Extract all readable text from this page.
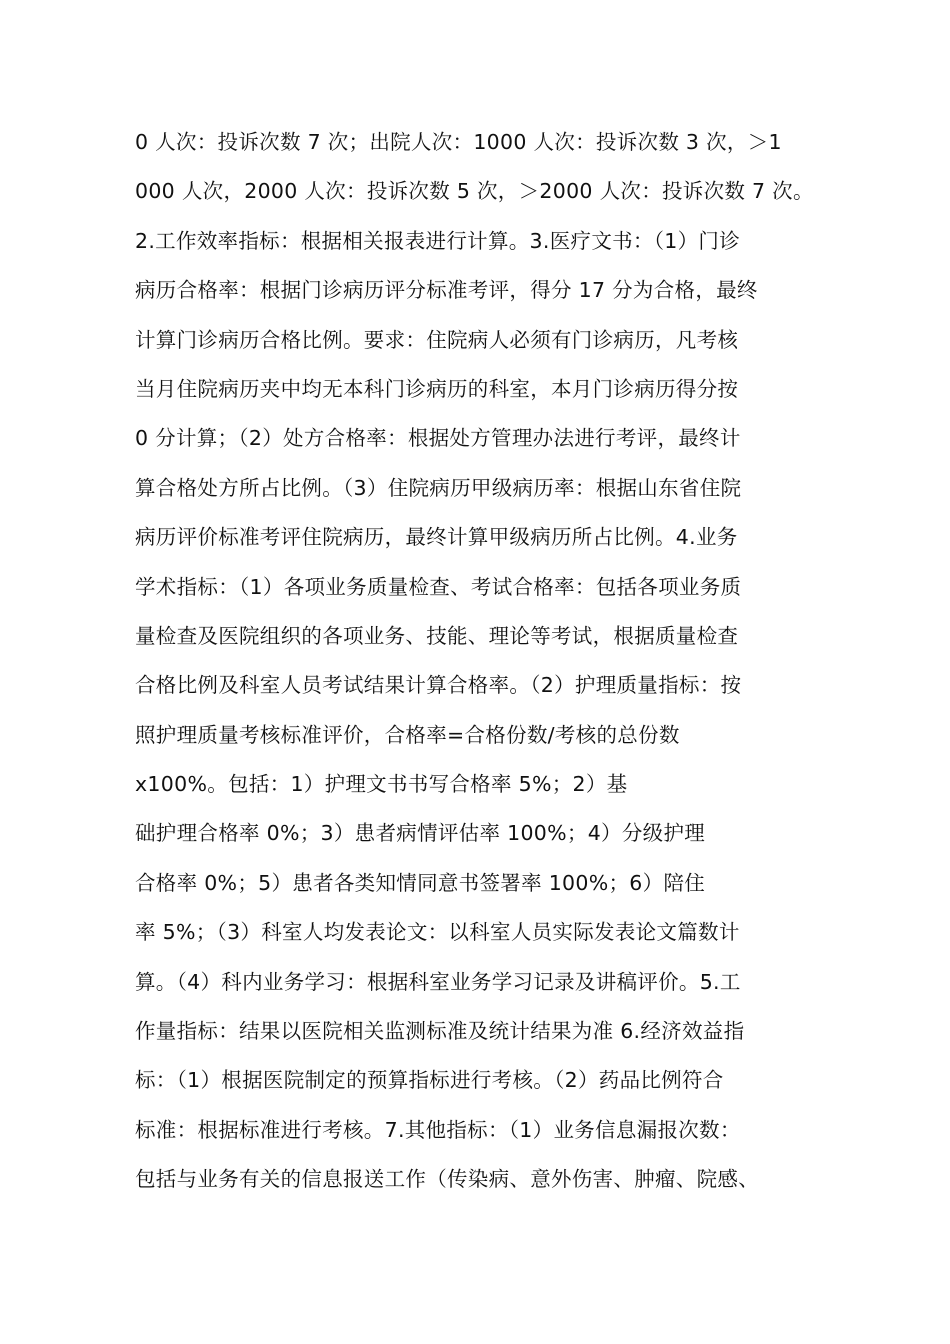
0 人次：投诉次数 7 次；出院人次：1000 人次：投诉次数 3 次，＞1
000 人次，2000 人次：投诉次数 5 次，＞2000 人次：投诉次数 7 次。
2.工作效率指标：根据相关报表进行计算。3.医疗文书：（1）门诊
病历合格率：根据门诊病历评分标准考评，得分 17 分为合格，最终
计算门诊病历合格比例。要求：住院病人必须有门诊病历，凡考核
当月住院病历夹中均无本科门诊病历的科室，本月门诊病历得分按
0 分计算；（2）处方合格率：根据处方管理办法进行考评，最终计
算合格处方所占比例。（3）住院病历甲级病历率：根据山东省住院
病历评价标准考评住院病历，最终计算甲级病历所占比例。4.业务
学术指标：（1）各项业务质量检查、考试合格率：包括各项业务质
量检查及医院组织的各项业务、技能、理论等考试，根据质量检查
合格比例及科室人员考试结果计算合格率。（2）护理质量指标：按
照护理质量考核标准评价，合格率=合格份数/考核的总份数
x100%。包括：1）护理文书书写合格率 5%；2）基
础护理合格率 0%；3）患者病情评估率 100%；4）分级护理
合格率 0%；5）患者各类知情同意书签署率 100%；6）陪住
率 5%；（3）科室人均发表论文：以科室人员实际发表论文篇数计
算。（4）科内业务学习：根据科室业务学习记录及讲稿评价。5.工
作量指标：结果以医院相关监测标准及统计结果为准 6.经济效益指
标：（1）根据医院制定的预算指标进行考核。（2）药品比例符合
标准：根据标准进行考核。7.其他指标：（1）业务信息漏报次数：
包括与业务有关的信息报送工作（传染病、意外伤害、肿瘤、院感、
